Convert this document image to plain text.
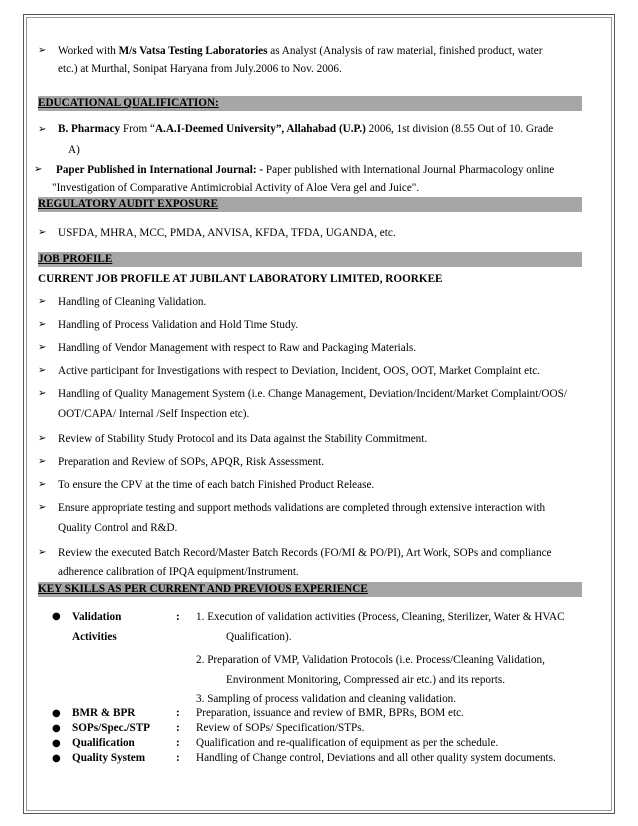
➢	Worked with M/s Vatsa Testing Laboratories as Analyst (Analysis of raw material, finished product, water
etc.) at Murthal, Sonipat Haryana from July.2006 to Nov. 2006.
EDUCATIONAL QUALIFICATION:
➢	B. Pharmacy From “A.A.I-Deemed University”, Allahabad (U.P.) 2006, 1st division (8.55 Out of 10. Grade
A)
➢	Paper Published in International Journal: - Paper published with International Journal Pharmacology online
"Investigation of Comparative Antimicrobial Activity of Aloe Vera gel and Juice".
REGULATORY AUDIT EXPOSURE
➢	USFDA, MHRA, MCC, PMDA, ANVISA, KFDA, TFDA, UGANDA, etc.
JOB PROFILE
CURRENT JOB PROFILE AT JUBILANT LABORATORY LIMITED, ROORKEE
➢	Handling of Cleaning Validation.
➢	Handling of Process Validation and Hold Time Study.
➢	Handling of Vendor Management with respect to Raw and Packaging Materials.
➢	Active participant for Investigations with respect to Deviation, Incident, OOS, OOT, Market Complaint etc.
➢	Handling of Quality Management System (i.e. Change Management, Deviation/Incident/Market Complaint/OOS/
OOT/CAPA/ Internal /Self Inspection etc).
➢	Review of Stability Study Protocol and its Data against the Stability Commitment.
➢	Preparation and Review of SOPs, APQR, Risk Assessment.
➢	To ensure the CPV at the time of each batch Finished Product Release.
➢	Ensure appropriate testing and support methods validations are completed through extensive interaction with
Quality Control and R&D.
➢	Review the executed Batch Record/Master Batch Records (FO/MI & PO/PI), Art Work, SOPs and compliance
adherence calibration of IPQA equipment/Instrument.
KEY SKILLS AS PER CURRENT AND PREVIOUS EXPERIENCE
●	Validation
Activities
:	1. Execution of validation activities (Process, Cleaning, Sterilizer, Water & HVAC
Qualification).
2. Preparation of VMP, Validation Protocols (i.e. Process/Cleaning Validation,
Environment Monitoring, Compressed air etc.) and its reports.
3. Sampling of process validation and cleaning validation.
●	BMR & BPR	:	Preparation, issuance and review of BMR, BPRs, BOM etc.
●	SOPs/Spec./STP	:	Review of SOPs/ Specification/STPs.
●	Qualification	:	Qualification and re-qualification of equipment as per the schedule.
●	Quality System	:	Handling of Change control, Deviations and all other quality system documents.
